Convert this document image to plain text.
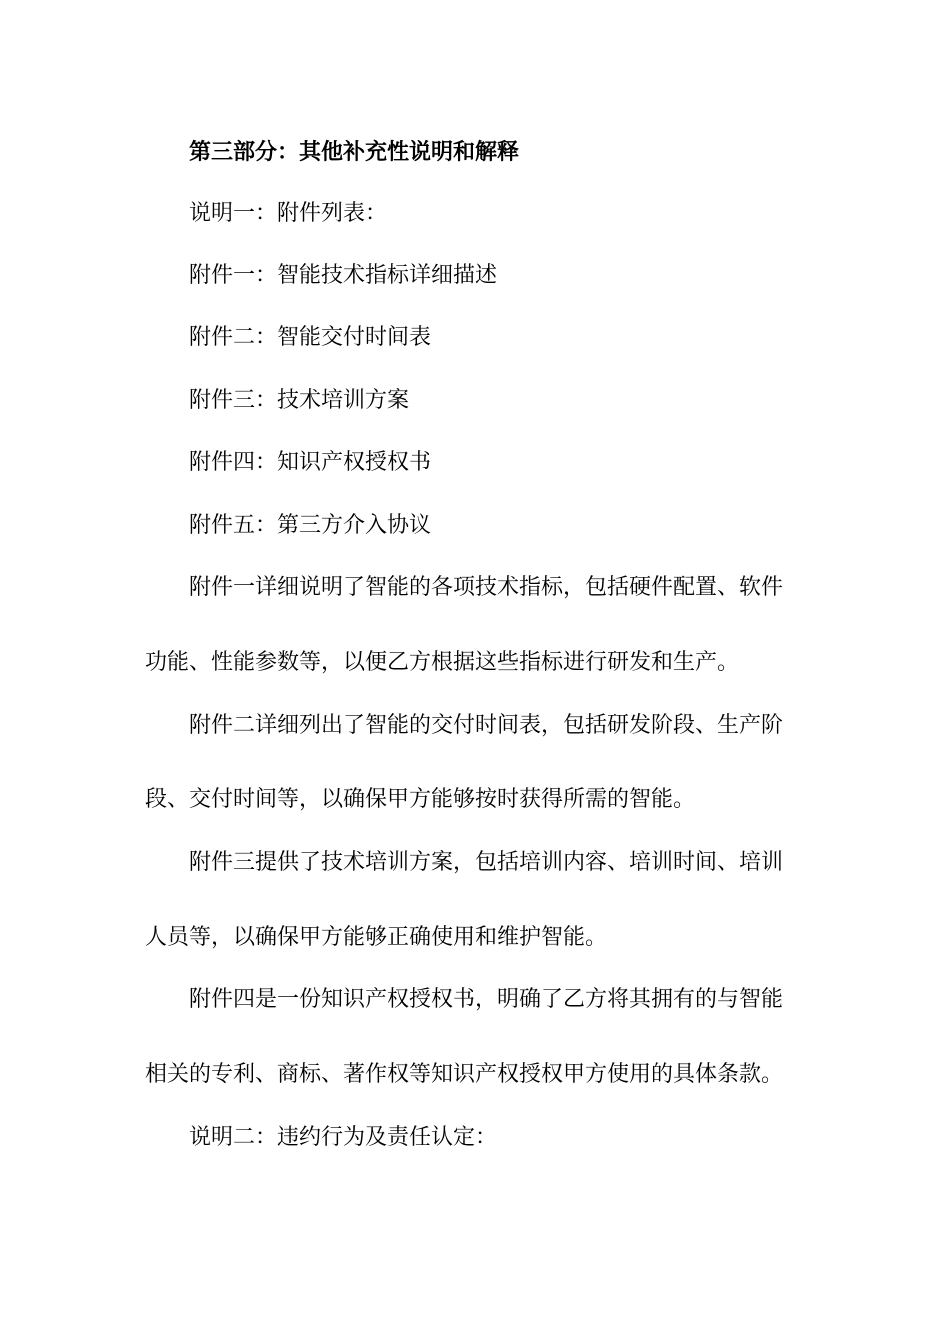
第三部分：其他补充性说明和解释
说明一：附件列表：
附件一：智能技术指标详细描述
附件二：智能交付时间表
附件三：技术培训方案
附件四：知识产权授权书
附件五：第三方介入协议
附件一详细说明了智能的各项技术指标，包括硬件配置、软件
功能、性能参数等，以便乙方根据这些指标进行研发和生产。
附件二详细列出了智能的交付时间表，包括研发阶段、生产阶
段、交付时间等，以确保甲方能够按时获得所需的智能。
附件三提供了技术培训方案，包括培训内容、培训时间、培训
人员等，以确保甲方能够正确使用和维护智能。
附件四是一份知识产权授权书，明确了乙方将其拥有的与智能
相关的专利、商标、著作权等知识产权授权甲方使用的具体条款。
说明二：违约行为及责任认定：
